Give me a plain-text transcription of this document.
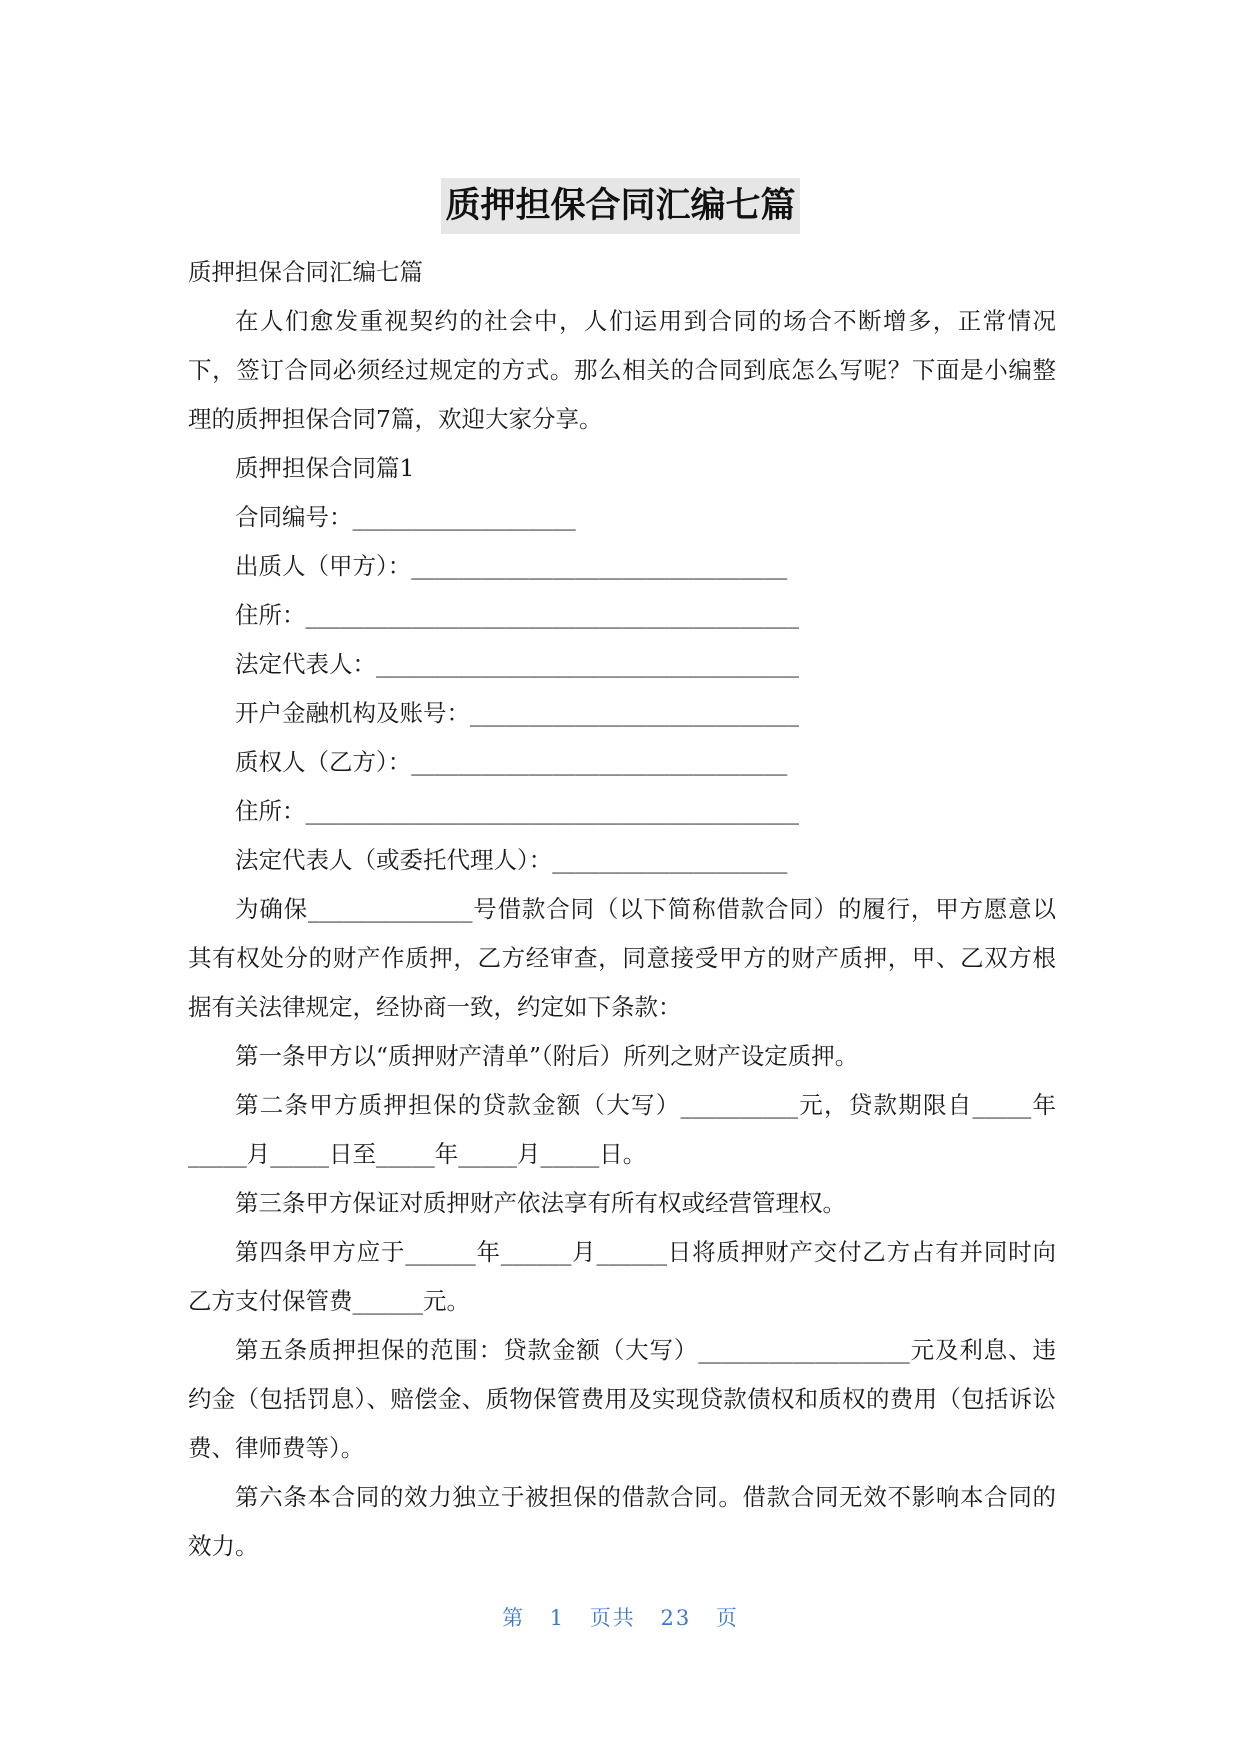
质押担保合同汇编七篇

质押担保合同汇编七篇

在人们愈发重视契约的社会中，人们运用到合同的场合不断增多，正常情况下，签订合同必须经过规定的方式。那么相关的合同到底怎么写呢？下面是小编整理的质押担保合同7篇，欢迎大家分享。

质押担保合同篇1

合同编号：___________________

出质人（甲方）：________________________________

住所：__________________________________________

法定代表人：____________________________________

开户金融机构及账号：____________________________

质权人（乙方）：________________________________

住所：__________________________________________

法定代表人（或委托代理人）：____________________

为确保______________号借款合同（以下简称借款合同）的履行，甲方愿意以其有权处分的财产作质押，乙方经审查，同意接受甲方的财产质押，甲、乙双方根据有关法律规定，经协商一致，约定如下条款：

第一条甲方以“质押财产清单”（附后）所列之财产设定质押。

第二条甲方质押担保的贷款金额（大写）__________元，贷款期限自_____年_____月_____日至_____年_____月_____日。

第三条甲方保证对质押财产依法享有所有权或经营管理权。

第四条甲方应于______年______月______日将质押财产交付乙方占有并同时向乙方支付保管费______元。

第五条质押担保的范围：贷款金额（大写）__________________元及利息、违约金（包括罚息）、赔偿金、质物保管费用及实现贷款债权和质权的费用（包括诉讼费、律师费等）。

第六条本合同的效力独立于被担保的借款合同。借款合同无效不影响本合同的效力。

第 1 页共 23 页
